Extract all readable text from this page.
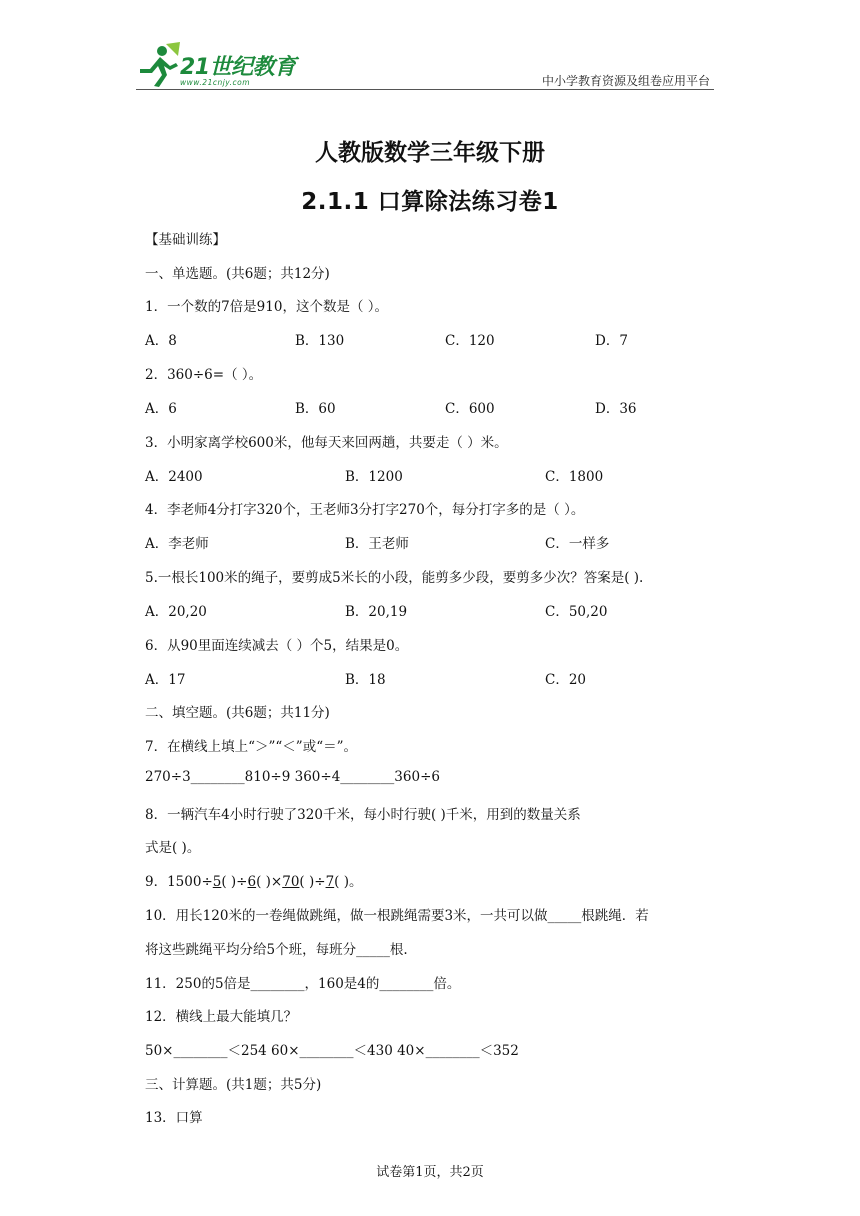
21世纪教育
www.21cnjy.com	中小学教育资源及组卷应用平台
人教版数学三年级下册
2.1.1 口算除法练习卷1
【基础训练】
一、单选题。(共6题；共12分)
1．一个数的7倍是910，这个数是（ ）。
A．8	B．130	C．120	D．7
2．360÷6=（ ）。
A．6	B．60	C．600	D．36
3．小明家离学校600米，他每天来回两趟，共要走（ ）米。
A．2400	B．1200	C．1800
4．李老师4分打字320个，王老师3分打字270个，每分打字多的是（ ）。
A．李老师	B．王老师	C．一样多
5.一根长100米的绳子，要剪成5米长的小段，能剪多少段，要剪多少次？答案是( ).
A．20,20	B．20,19	C．50,20
6．从90里面连续减去（ ）个5，结果是0。
A．17	B．18	C．20
二、填空题。(共6题；共11分)
7．在横线上填上“＞”“＜”或“＝”。
270÷3________810÷9 360÷4________360÷6
8．一辆汽车4小时行驶了320千米，每小时行驶( )千米，用到的数量关系
式是( )。
9．1500÷5( )÷6( )×70( )÷7( )。
10．用长120米的一卷绳做跳绳，做一根跳绳需要3米，一共可以做_____根跳绳．若
将这些跳绳平均分给5个班，每班分_____根.
11．250的5倍是________，160是4的________倍。
12．横线上最大能填几？
50×________＜254 60×________＜430 40×________＜352
三、计算题。(共1题；共5分)
13．口算
试卷第1页，共2页
